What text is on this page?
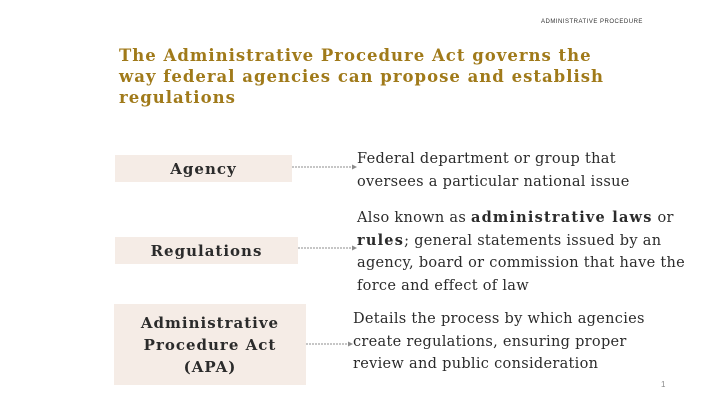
ADMINISTRATIVE PROCEDURE
The Administrative Procedure Act governs the way federal agencies can propose and establish regulations
Agency

Federal department or group that oversees a particular national issue

Regulations

Also known as administrative laws or rules; general statements issued by an agency, board or commission that have the force and effect of law

Administrative Procedure Act (APA)

Details the process by which agencies create regulations, ensuring proper review and public consideration

1
